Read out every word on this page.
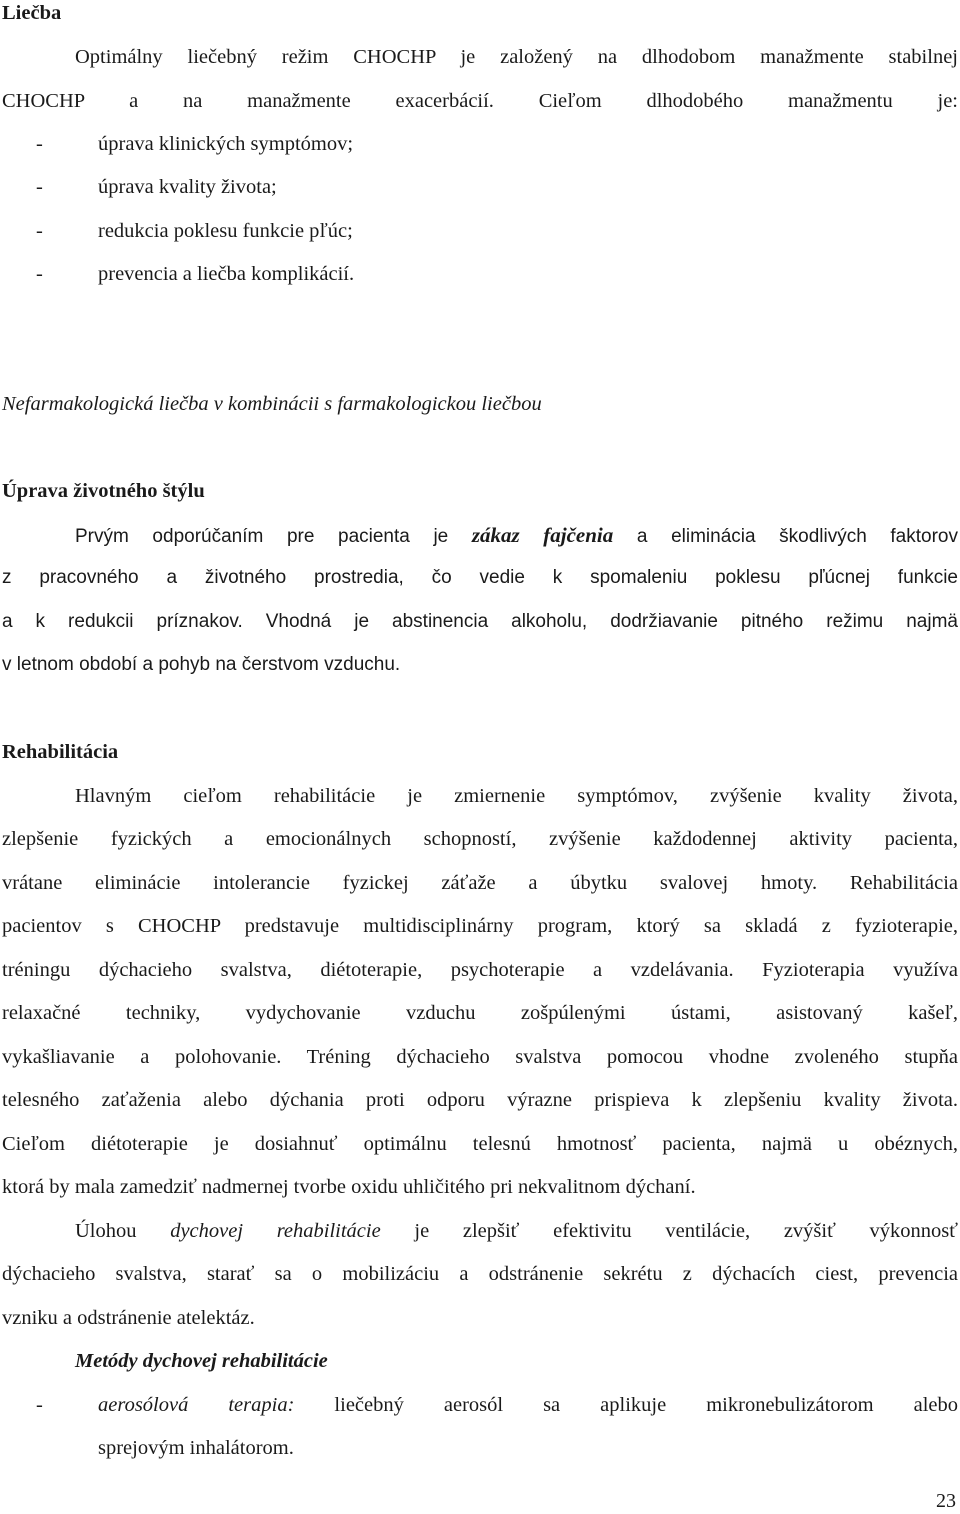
Liečba
Optimálny liečebný režim CHOCHP je založený na dlhodobom manažmente stabilnej
CHOCHP a na manažmente exacerbácií. Cieľom dlhodobého manažmentu je:
-	úprava klinických symptómov;
-	úprava kvality života;
-	redukcia poklesu funkcie pľúc;
-	prevencia a liečba komplikácií.
Nefarmakologická liečba v kombinácii s farmakologickou liečbou
Úprava životného štýlu
Prvým odporúčaním pre pacienta je zákaz fajčenia a eliminácia škodlivých faktorov
z pracovného a životného prostredia, čo vedie k spomaleniu poklesu pľúcnej funkcie
a k redukcii príznakov. Vhodná je abstinencia alkoholu, dodržiavanie pitného režimu najmä
v letnom období a pohyb na čerstvom vzduchu.
Rehabilitácia
Hlavným cieľom rehabilitácie je zmiernenie symptómov, zvýšenie kvality života,
zlepšenie fyzických a emocionálnych schopností, zvýšenie každodennej aktivity pacienta,
vrátane eliminácie intolerancie fyzickej záťaže a úbytku svalovej hmoty. Rehabilitácia
pacientov s CHOCHP predstavuje multidisciplinárny program, ktorý sa skladá z fyzioterapie,
tréningu dýchacieho svalstva, diétoterapie, psychoterapie a vzdelávania. Fyzioterapia využíva
relaxačné techniky, vydychovanie vzduchu zošpúlenými ústami, asistovaný kašeľ,
vykašliavanie a polohovanie. Tréning dýchacieho svalstva pomocou vhodne zvoleného stupňa
telesného zaťaženia alebo dýchania proti odporu výrazne prispieva k zlepšeniu kvality života.
Cieľom diétoterapie je dosiahnuť optimálnu telesnú hmotnosť pacienta, najmä u obéznych,
ktorá by mala zamedziť nadmernej tvorbe oxidu uhličitého pri nekvalitnom dýchaní.
Úlohou dychovej rehabilitácie je zlepšiť efektivitu ventilácie, zvýšiť výkonnosť
dýchacieho svalstva, starať sa o mobilizáciu a odstránenie sekrétu z dýchacích ciest, prevencia
vzniku a odstránenie atelektáz.
Metódy dychovej rehabilitácie
-	aerosólová terapia: liečebný aerosól sa aplikuje mikronebulizátorom alebo
sprejovým inhalátorom.
23
